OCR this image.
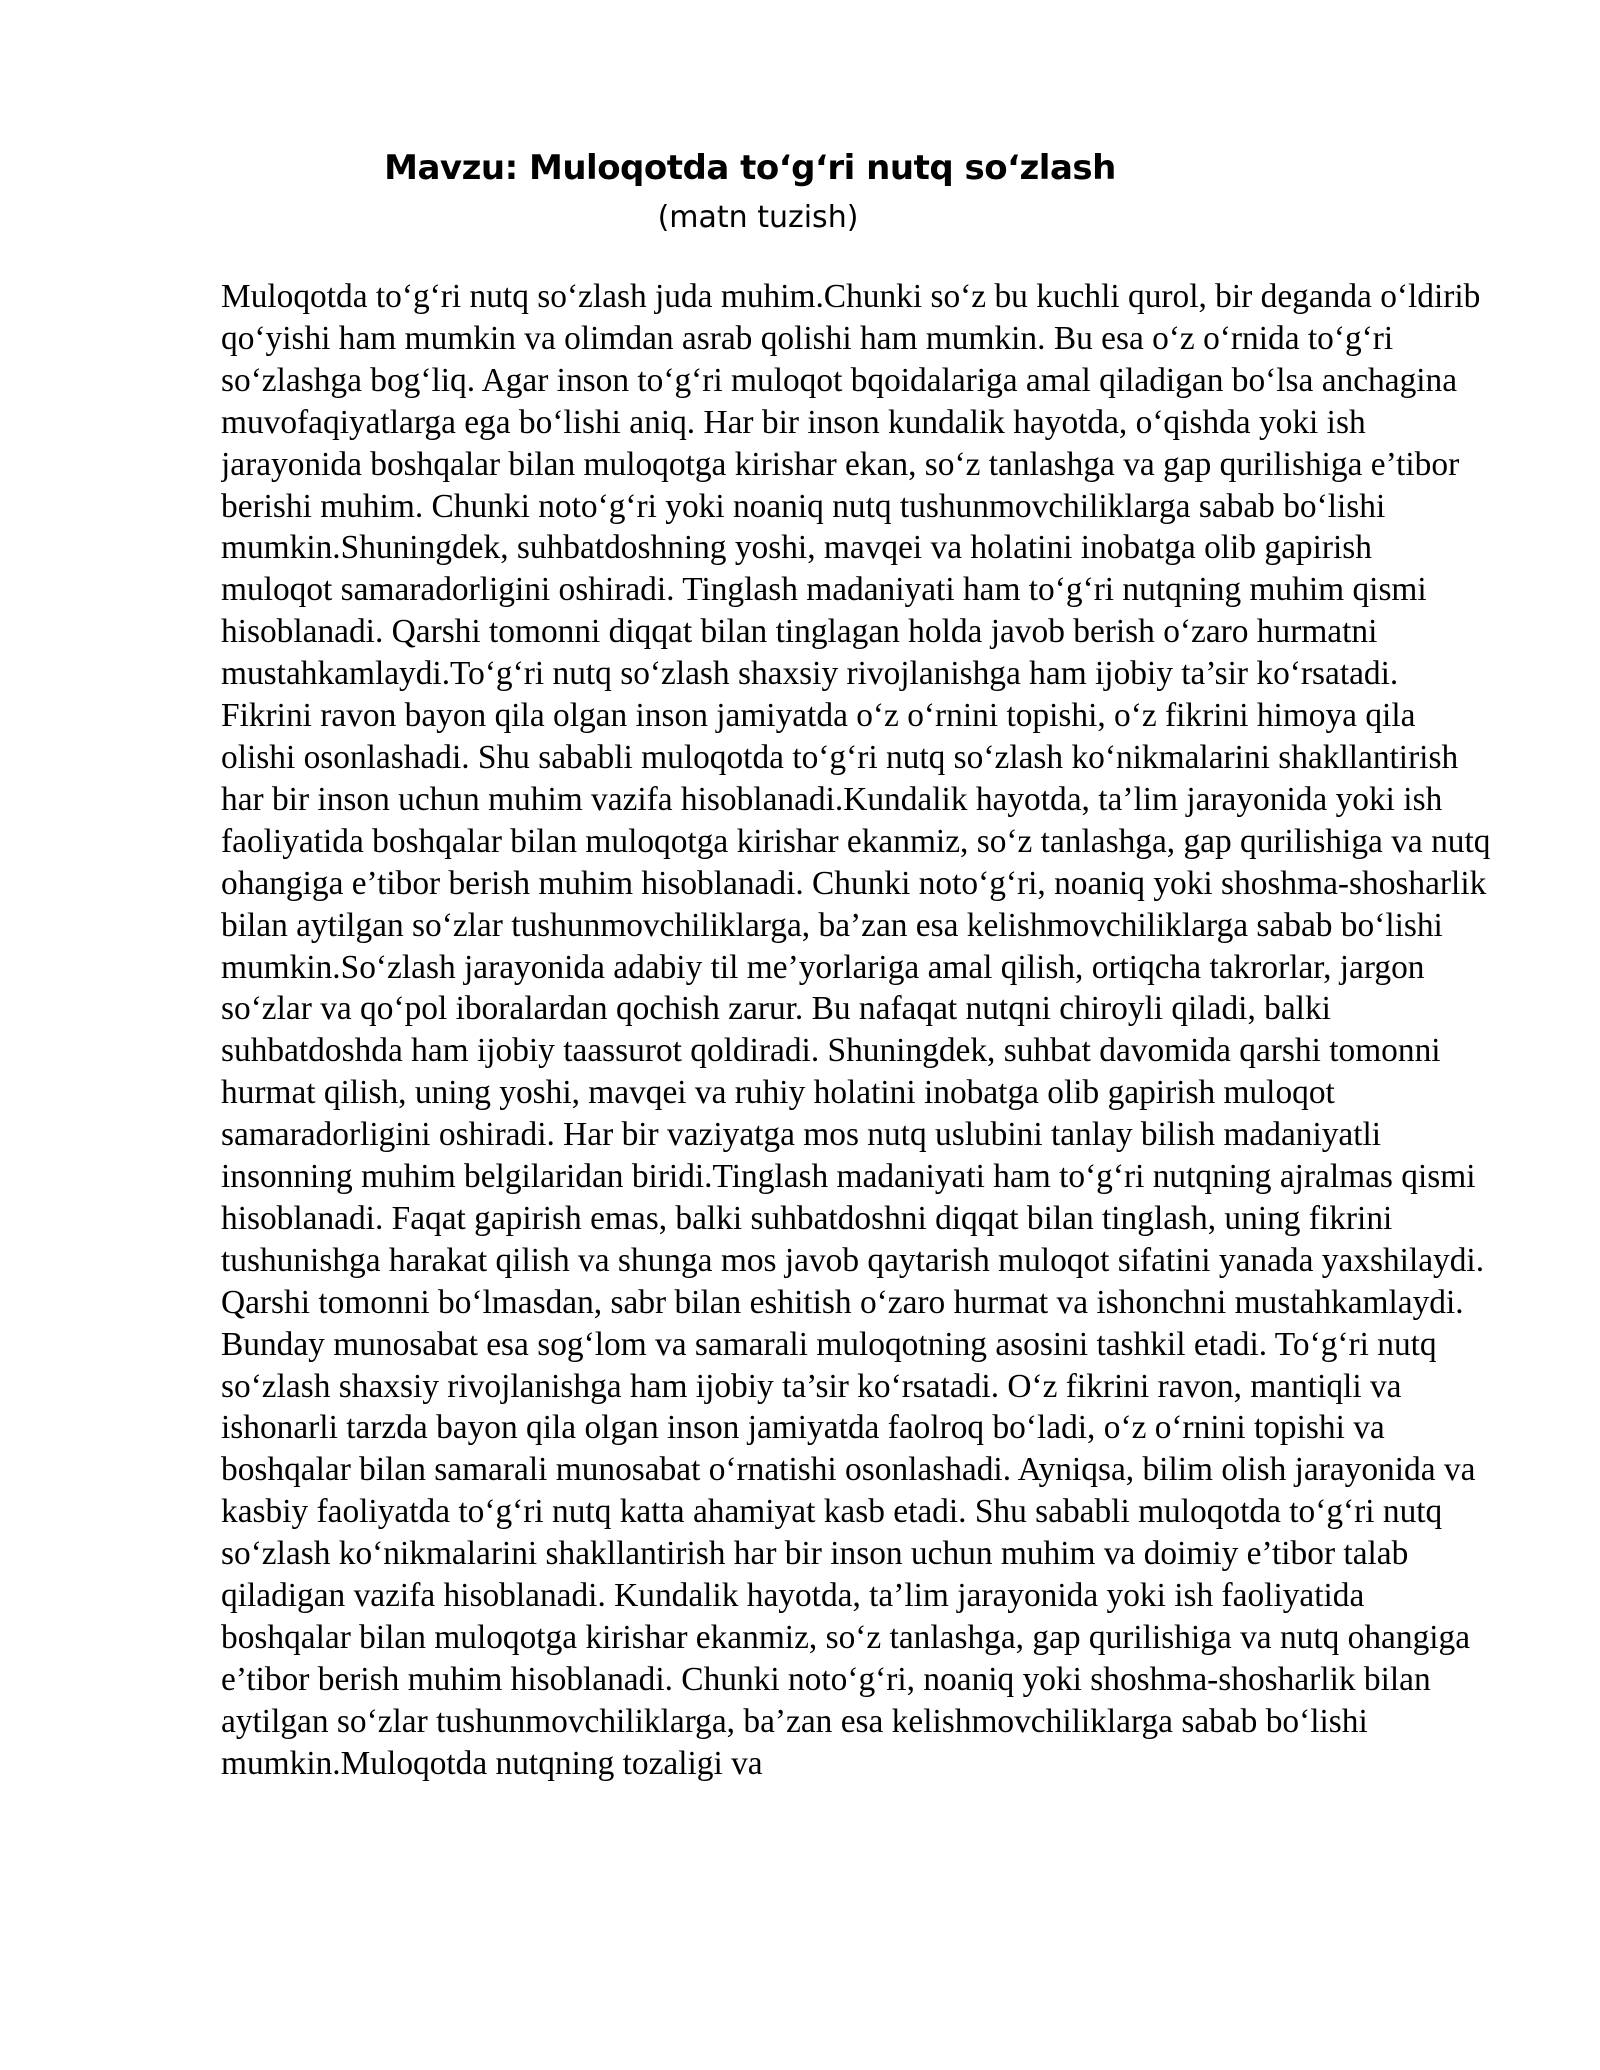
Mavzu: Muloqotda to‘g‘ri nutq so‘zlash
(matn tuzish)
Muloqotda to‘g‘ri nutq so‘zlash juda muhim.Chunki so‘z bu kuchli qurol, bir deganda o‘ldirib qo‘yishi ham mumkin va olimdan asrab qolishi ham mumkin. Bu esa o‘z o‘rnida to‘g‘ri so‘zlashga bog‘liq. Agar inson to‘g‘ri muloqot bqoidalariga amal qiladigan bo‘lsa anchagina muvofaqiyatlarga ega bo‘lishi aniq. Har bir inson kundalik hayotda, o‘qishda yoki ish jarayonida boshqalar bilan muloqotga kirishar ekan, so‘z tanlashga va gap qurilishiga e’tibor berishi muhim. Chunki noto‘g‘ri yoki noaniq nutq tushunmovchiliklarga sabab bo‘lishi mumkin.Shuningdek, suhbatdoshning yoshi, mavqei va holatini inobatga olib gapirish muloqot samaradorligini oshiradi. Tinglash madaniyati ham to‘g‘ri nutqning muhim qismi hisoblanadi. Qarshi tomonni diqqat bilan tinglagan holda javob berish o‘zaro hurmatni mustahkamlaydi.To‘g‘ri nutq so‘zlash shaxsiy rivojlanishga ham ijobiy ta’sir ko‘rsatadi. Fikrini ravon bayon qila olgan inson jamiyatda o‘z o‘rnini topishi, o‘z fikrini himoya qila olishi osonlashadi. Shu sababli muloqotda to‘g‘ri nutq so‘zlash ko‘nikmalarini shakllantirish har bir inson uchun muhim vazifa hisoblanadi.Kundalik hayotda, ta’lim jarayonida yoki ish faoliyatida boshqalar bilan muloqotga kirishar ekanmiz, so‘z tanlashga, gap qurilishiga va nutq ohangiga e’tibor berish muhim hisoblanadi. Chunki noto‘g‘ri, noaniq yoki shoshma-shosharlik bilan aytilgan so‘zlar tushunmovchiliklarga, ba’zan esa kelishmovchiliklarga sabab bo‘lishi mumkin.So‘zlash jarayonida adabiy til me’yorlariga amal qilish, ortiqcha takrorlar, jargon so‘zlar va qo‘pol iboralardan qochish zarur. Bu nafaqat nutqni chiroyli qiladi, balki suhbatdoshda ham ijobiy taassurot qoldiradi. Shuningdek, suhbat davomida qarshi tomonni hurmat qilish, uning yoshi, mavqei va ruhiy holatini inobatga olib gapirish muloqot samaradorligini oshiradi. Har bir vaziyatga mos nutq uslubini tanlay bilish madaniyatli insonning muhim belgilaridan biridi.Tinglash madaniyati ham to‘g‘ri nutqning ajralmas qismi hisoblanadi. Faqat gapirish emas, balki suhbatdoshni diqqat bilan tinglash, uning fikrini tushunishga harakat qilish va shunga mos javob qaytarish muloqot sifatini yanada yaxshilaydi. Qarshi tomonni bo‘lmasdan, sabr bilan eshitish o‘zaro hurmat va ishonchni mustahkamlaydi. Bunday munosabat esa sog‘lom va samarali muloqotning asosini tashkil etadi. To‘g‘ri nutq so‘zlash shaxsiy rivojlanishga ham ijobiy ta’sir ko‘rsatadi. O‘z fikrini ravon, mantiqli va ishonarli tarzda bayon qila olgan inson jamiyatda faolroq bo‘ladi, o‘z o‘rnini topishi va boshqalar bilan samarali munosabat o‘rnatishi osonlashadi. Ayniqsa, bilim olish jarayonida va kasbiy faoliyatda to‘g‘ri nutq katta ahamiyat kasb etadi. Shu sababli muloqotda to‘g‘ri nutq so‘zlash ko‘nikmalarini shakllantirish har bir inson uchun muhim va doimiy e’tibor talab qiladigan vazifa hisoblanadi. Kundalik hayotda, ta’lim jarayonida yoki ish faoliyatida boshqalar bilan muloqotga kirishar ekanmiz, so‘z tanlashga, gap qurilishiga va nutq ohangiga e’tibor berish muhim hisoblanadi. Chunki noto‘g‘ri, noaniq yoki shoshma-shosharlik bilan aytilgan so‘zlar tushunmovchiliklarga, ba’zan esa kelishmovchiliklarga sabab bo‘lishi mumkin.Muloqotda nutqning tozaligi va
